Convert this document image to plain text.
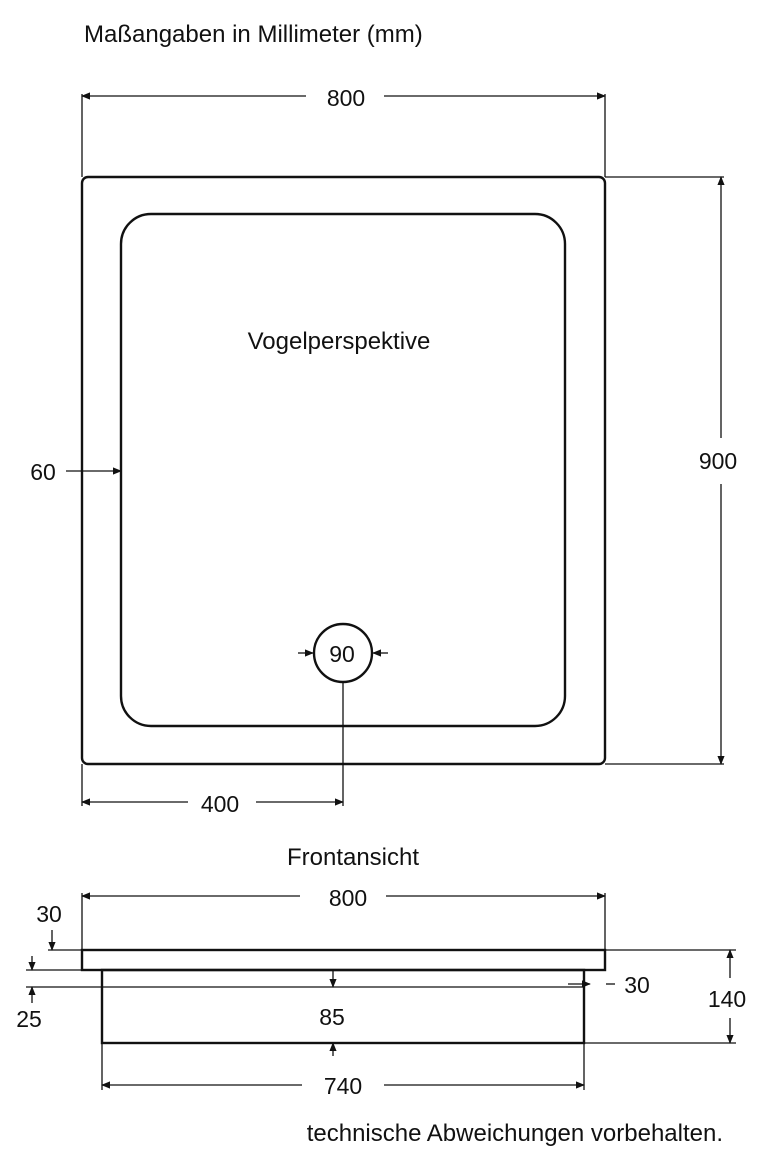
Maßangaben in Millimeter (mm)
800
900
60
Vogelperspektive
90
400
Frontansicht
800
30
25	85
30
140
740
technische Abweichungen vorbehalten.
